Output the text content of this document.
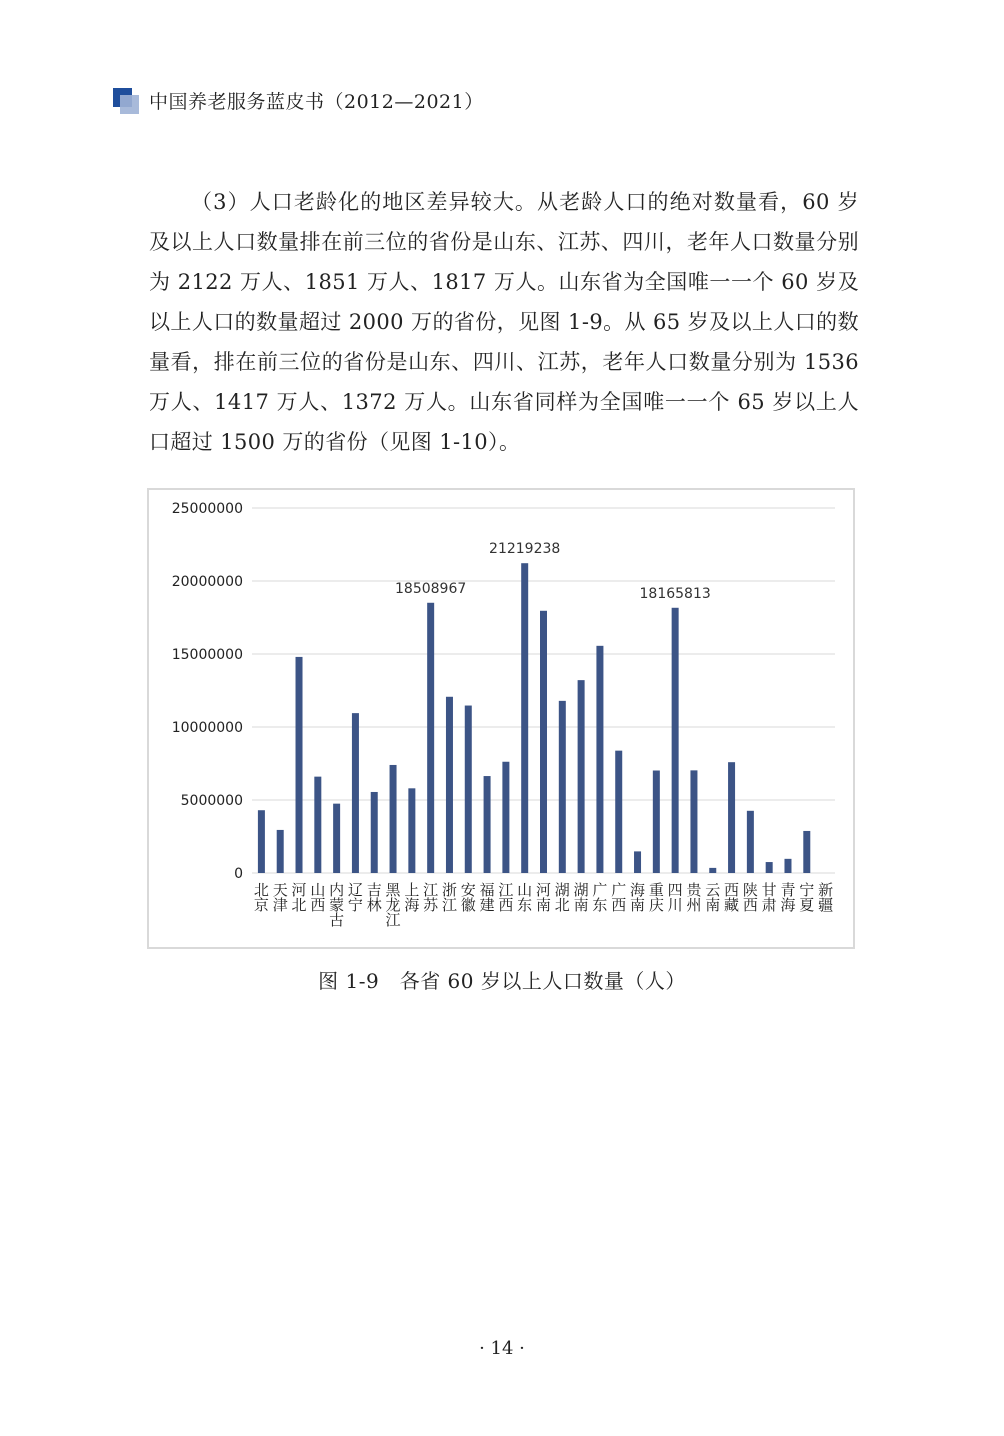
中国养老服务蓝皮书（2012—2021）

（3）人口老龄化的地区差异较大。从老龄人口的绝对数量看，60 岁及以上人口数量排在前三位的省份是山东、江苏、四川，老年人口数量分别为 2122 万人、1851 万人、1817 万人。山东省为全国唯一一个 60 岁及以上人口的数量超过 2000 万的省份，见图 1-9。从 65 岁及以上人口的数量看，排在前三位的省份是山东、四川、江苏，老年人口数量分别为 1536 万人、1417 万人、1372 万人。山东省同样为全国唯一一个 65 岁以上人口超过 1500 万的省份（见图 1-10）。

0
5000000
10000000
15000000
20000000
25000000
北京
天津
河北
山西
内蒙古
辽宁
吉林
黑龙江
上海
江苏
浙江
安徽
福建
江西
山东
河南
湖北
湖南
广东
广西
海南
重庆
四川
贵州
云南
西藏
陕西
甘肃
青海
宁夏
新疆
18508967
21219238
18165813
图 1-9　各省 60 岁以上人口数量（人）
· 14 ·
